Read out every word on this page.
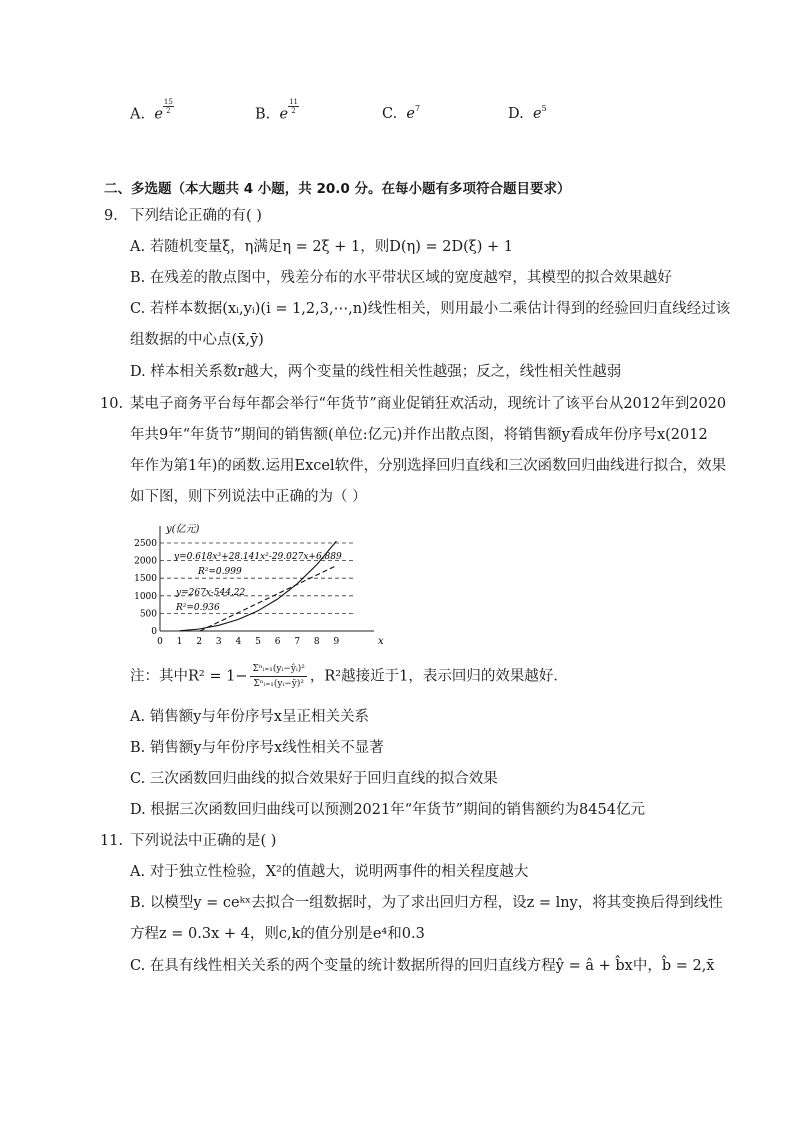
A. e $\frac{15}{2}$	B. e $\frac{11}{2}$	C. $e^7$	D. $e^5$
二、多选题（本大题共 4 小题，共 20.0 分。在每小题有多项符合题目要求）
9. 下列结论正确的有( )
A. 若随机变量ξ，η满足η = 2ξ + 1，则D(η) = 2D(ξ) + 1
B. 在残差的散点图中，残差分布的水平带状区域的宽度越窄，其模型的拟合效果越好
C. 若样本数据(xᵢ,yᵢ)(i = 1,2,3,⋯,n)线性相关，则用最小二乘估计得到的经验回归直线经过该
组数据的中心点(x̄,ȳ)
D. 样本相关系数r越大，两个变量的线性相关性越强；反之，线性相关性越弱
10. 某电子商务平台每年都会举行“年货节”商业促销狂欢活动，现统计了该平台从2012年到2020
年共9年“年货节”期间的销售额(单位:亿元)并作出散点图，将销售额y看成年份序号x(2012
年作为第1年)的函数.运用Excel软件，分别选择回归直线和三次函数回归曲线进行拟合，效果
如下图，则下列说法中正确的为（ ）
0
500
1000
1500
2000
2500
0 1 2 3 4 5 6 7 8 9
y(亿元)
x
y=0.618x³+28.141x²-29.027x+6.889
R²=0.999
y=267x-544.22
R²=0.936
注：其中R² = 1− Σⁿᵢ₌₁(yᵢ−ŷᵢ)²
Σⁿᵢ₌₁(yᵢ−ȳ)² ，R²越接近于1，表示回归的效果越好．
A. 销售额y与年份序号x呈正相关关系
B. 销售额y与年份序号x线性相关不显著
C. 三次函数回归曲线的拟合效果好于回归直线的拟合效果
D. 根据三次函数回归曲线可以预测2021年“年货节”期间的销售额约为8454亿元
11. 下列说法中正确的是( )
A. 对于独立性检验，X²的值越大，说明两事件的相关程度越大
B. 以模型y = ceᵏˣ去拟合一组数据时，为了求出回归方程，设z = lny，将其变换后得到线性
方程z = 0.3x + 4，则c,k的值分别是e⁴和0.3
C. 在具有线性相关关系的两个变量的统计数据所得的回归直线方程ŷ = â + b̂x中，b̂ = 2,x̄
